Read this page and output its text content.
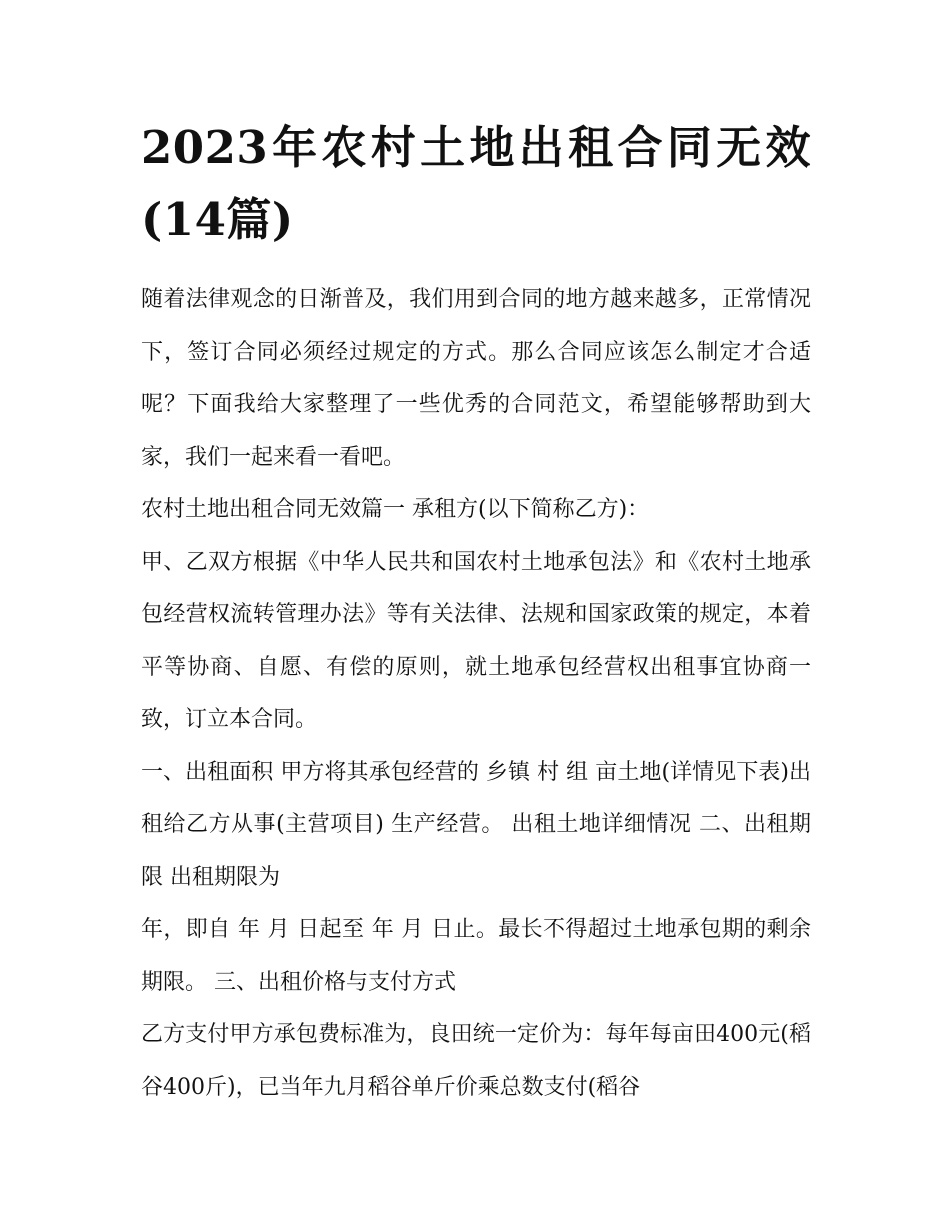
2023年农村土地出租合同无效(14篇)

随着法律观念的日渐普及，我们用到合同的地方越来越多，正常情况下，签订合同必须经过规定的方式。那么合同应该怎么制定才合适呢？下面我给大家整理了一些优秀的合同范文，希望能够帮助到大家，我们一起来看一看吧。

农村土地出租合同无效篇一 承租方(以下简称乙方)：

甲、乙双方根据《中华人民共和国农村土地承包法》和《农村土地承包经营权流转管理办法》等有关法律、法规和国家政策的规定，本着平等协商、自愿、有偿的原则，就土地承包经营权出租事宜协商一致，订立本合同。

一、出租面积 甲方将其承包经营的 乡镇 村 组 亩土地(详情见下表)出租给乙方从事(主营项目) 生产经营。 出租土地详细情况 二、出租期限 出租期限为

年，即自 年 月 日起至 年 月 日止。最长不得超过土地承包期的剩余期限。 三、出租价格与支付方式

乙方支付甲方承包费标准为，良田统一定价为：每年每亩田400元(稻谷400斤)，已当年九月稻谷单斤价乘总数支付(稻谷
